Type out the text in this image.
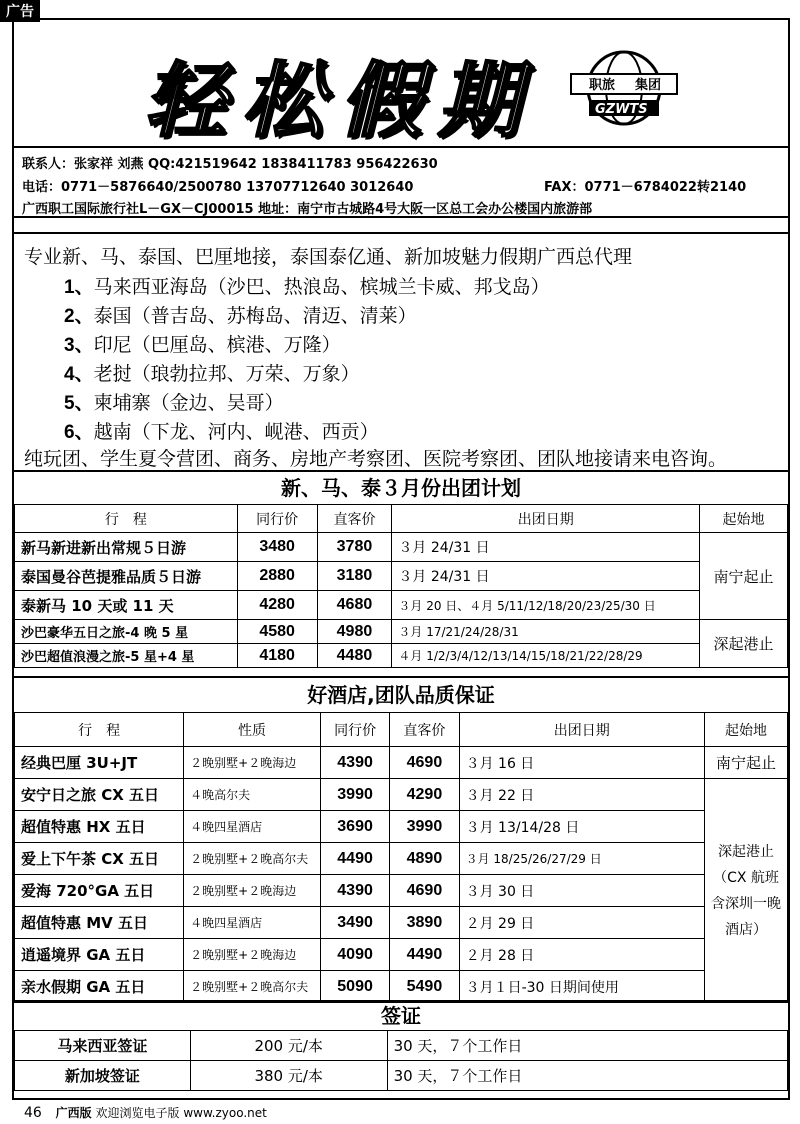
广告
轻松假期	职旅 集团
GZWTS
联系人：张家祥 刘燕 QQ:421519642 1838411783 956422630
电话：0771－5876640/2500780 13707712640 3012640	FAX：0771－6784022转2140
广西职工国际旅行社L－GX－CJ00015 地址：南宁市古城路4号大阪一区总工会办公楼国内旅游部
专业新、马、泰国、巴厘地接，泰国泰亿通、新加坡魅力假期广西总代理
1、马来西亚海岛（沙巴、热浪岛、槟城兰卡威、邦戈岛）
2、泰国（普吉岛、苏梅岛、清迈、清莱）
3、印尼（巴厘岛、槟港、万隆）
4、老挝（琅勃拉邦、万荣、万象）
5、柬埔寨（金边、吴哥）
6、越南（下龙、河内、岘港、西贡）
纯玩团、学生夏令营团、商务、房地产考察团、医院考察团、团队地接请来电咨询。
新、马、泰３月份出团计划
行　程	同行价	直客价	出团日期	起始地
新马新进新出常规５日游	3480	3780	３月 24/31 日	南宁起止
泰国曼谷芭提雅品质５日游	2880	3180	３月 24/31 日	
泰新马 10 天或 11 天	4280	4680	３月 20 日、４月 5/11/12/18/20/23/25/30 日	
沙巴豪华五日之旅-4 晚 5 星	4580	4980	３月 17/21/24/28/31	深起港止
沙巴超值浪漫之旅-5 星+4 星	4180	4480	４月 1/2/3/4/12/13/14/15/18/21/22/28/29	
好酒店,团队品质保证
行　程	性质	同行价	直客价	出团日期	起始地
经典巴厘 3U+JT	２晚别墅+２晚海边	4390	4690	３月 16 日	南宁起止
安宁日之旅 CX 五日	４晚高尔夫	3990	4290	３月 22 日	深起港止
（CX 航班
含深圳一晚
酒店）

超值特惠 HX 五日	４晚四星酒店	3690	3990	３月 13/14/28 日	
爱上下午茶 CX 五日	２晚别墅+２晚高尔夫	4490	4890	３月 18/25/26/27/29 日	
爱海 720°GA 五日	２晚别墅+２晚海边	4390	4690	３月 30 日	
超值特惠 MV 五日	４晚四星酒店	3490	3890	２月 29 日	
逍遥境界 GA 五日	２晚别墅+２晚海边	4090	4490	２月 28 日	
亲水假期 GA 五日	２晚别墅+２晚高尔夫	5090	5490	３月１日-30 日期间使用	
签证
马来西亚签证	200 元/本	30 天，７个工作日
新加坡签证	380 元/本	30 天，７个工作日
46 广西版 欢迎浏览电子版 www.zyoo.net
